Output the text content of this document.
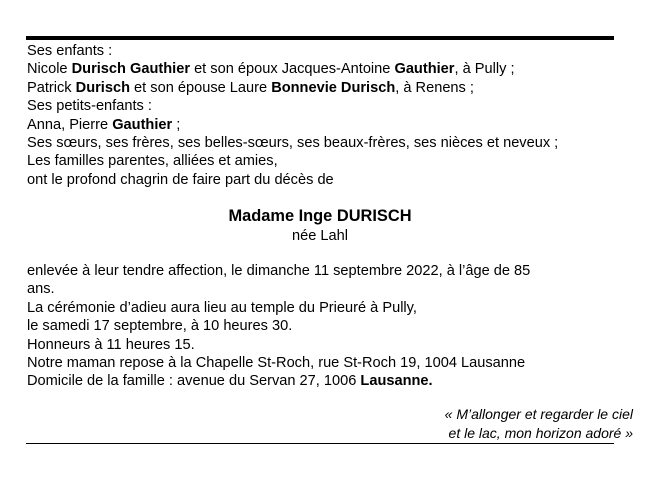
Ses enfants :
Nicole Durisch Gauthier et son époux Jacques-Antoine Gauthier, à Pully ;
Patrick Durisch et son épouse Laure Bonnevie Durisch, à Renens ;
Ses petits-enfants :
Anna, Pierre Gauthier ;
Ses sœurs, ses frères, ses belles-sœurs, ses beaux-frères, ses nièces et neveux ;
Les familles parentes, alliées et amies,
ont le profond chagrin de faire part du décès de
Madame Inge DURISCH
née Lahl
enlevée à leur tendre affection, le dimanche 11 septembre 2022, à l’âge de 85
ans.
La cérémonie d’adieu aura lieu au temple du Prieuré à Pully,
le samedi 17 septembre, à 10 heures 30.
Honneurs à 11 heures 15.
Notre maman repose à la Chapelle St-Roch, rue St-Roch 19, 1004 Lausanne
Domicile de la famille : avenue du Servan 27, 1006 Lausanne.
« M’allonger et regarder le ciel
et le lac, mon horizon adoré »
